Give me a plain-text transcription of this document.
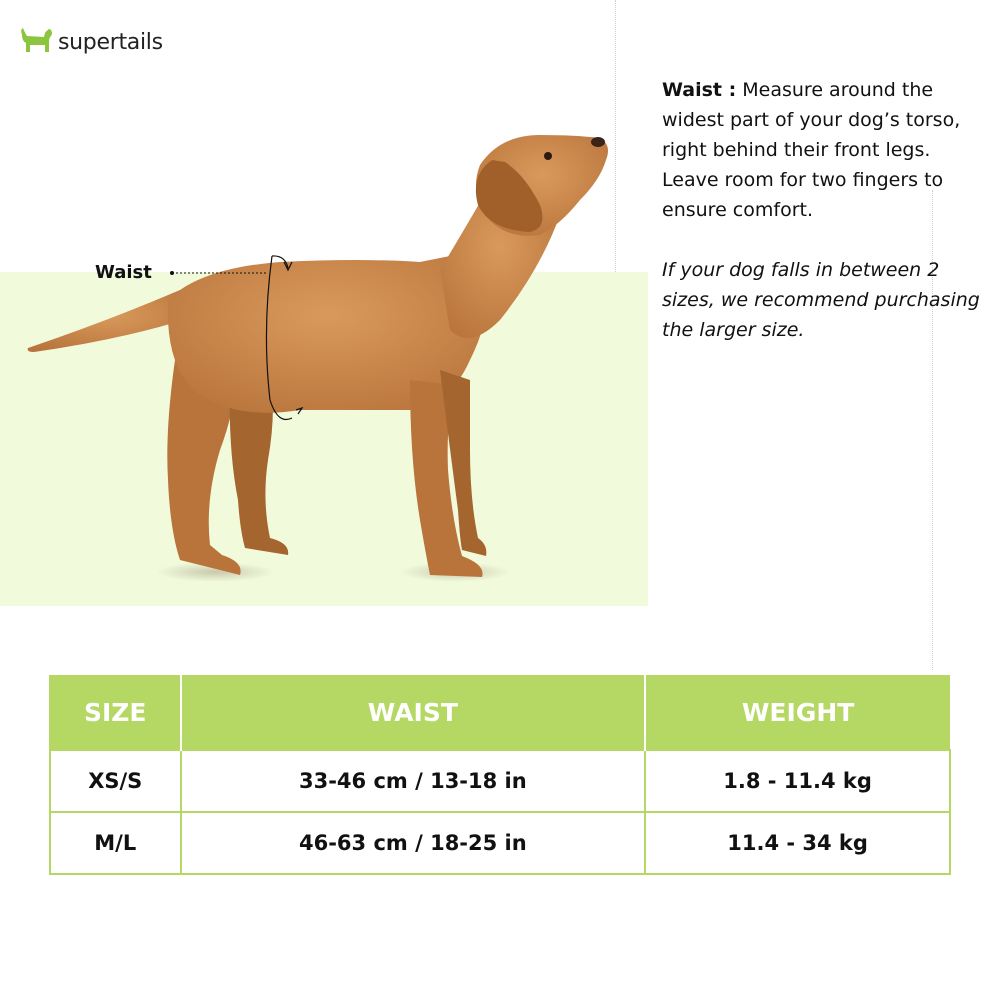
supertails
Waist

Waist : Measure around the widest part of your dog’s torso, right behind their front legs. Leave room for two fingers to ensure comfort.

If your dog falls in between 2 sizes, we recommend purchasing the larger size.

SIZE	WAIST	WEIGHT
XS/S	33-46 cm / 13-18 in	1.8 - 11.4 kg
M/L	46-63 cm / 18-25 in	11.4 - 34 kg
